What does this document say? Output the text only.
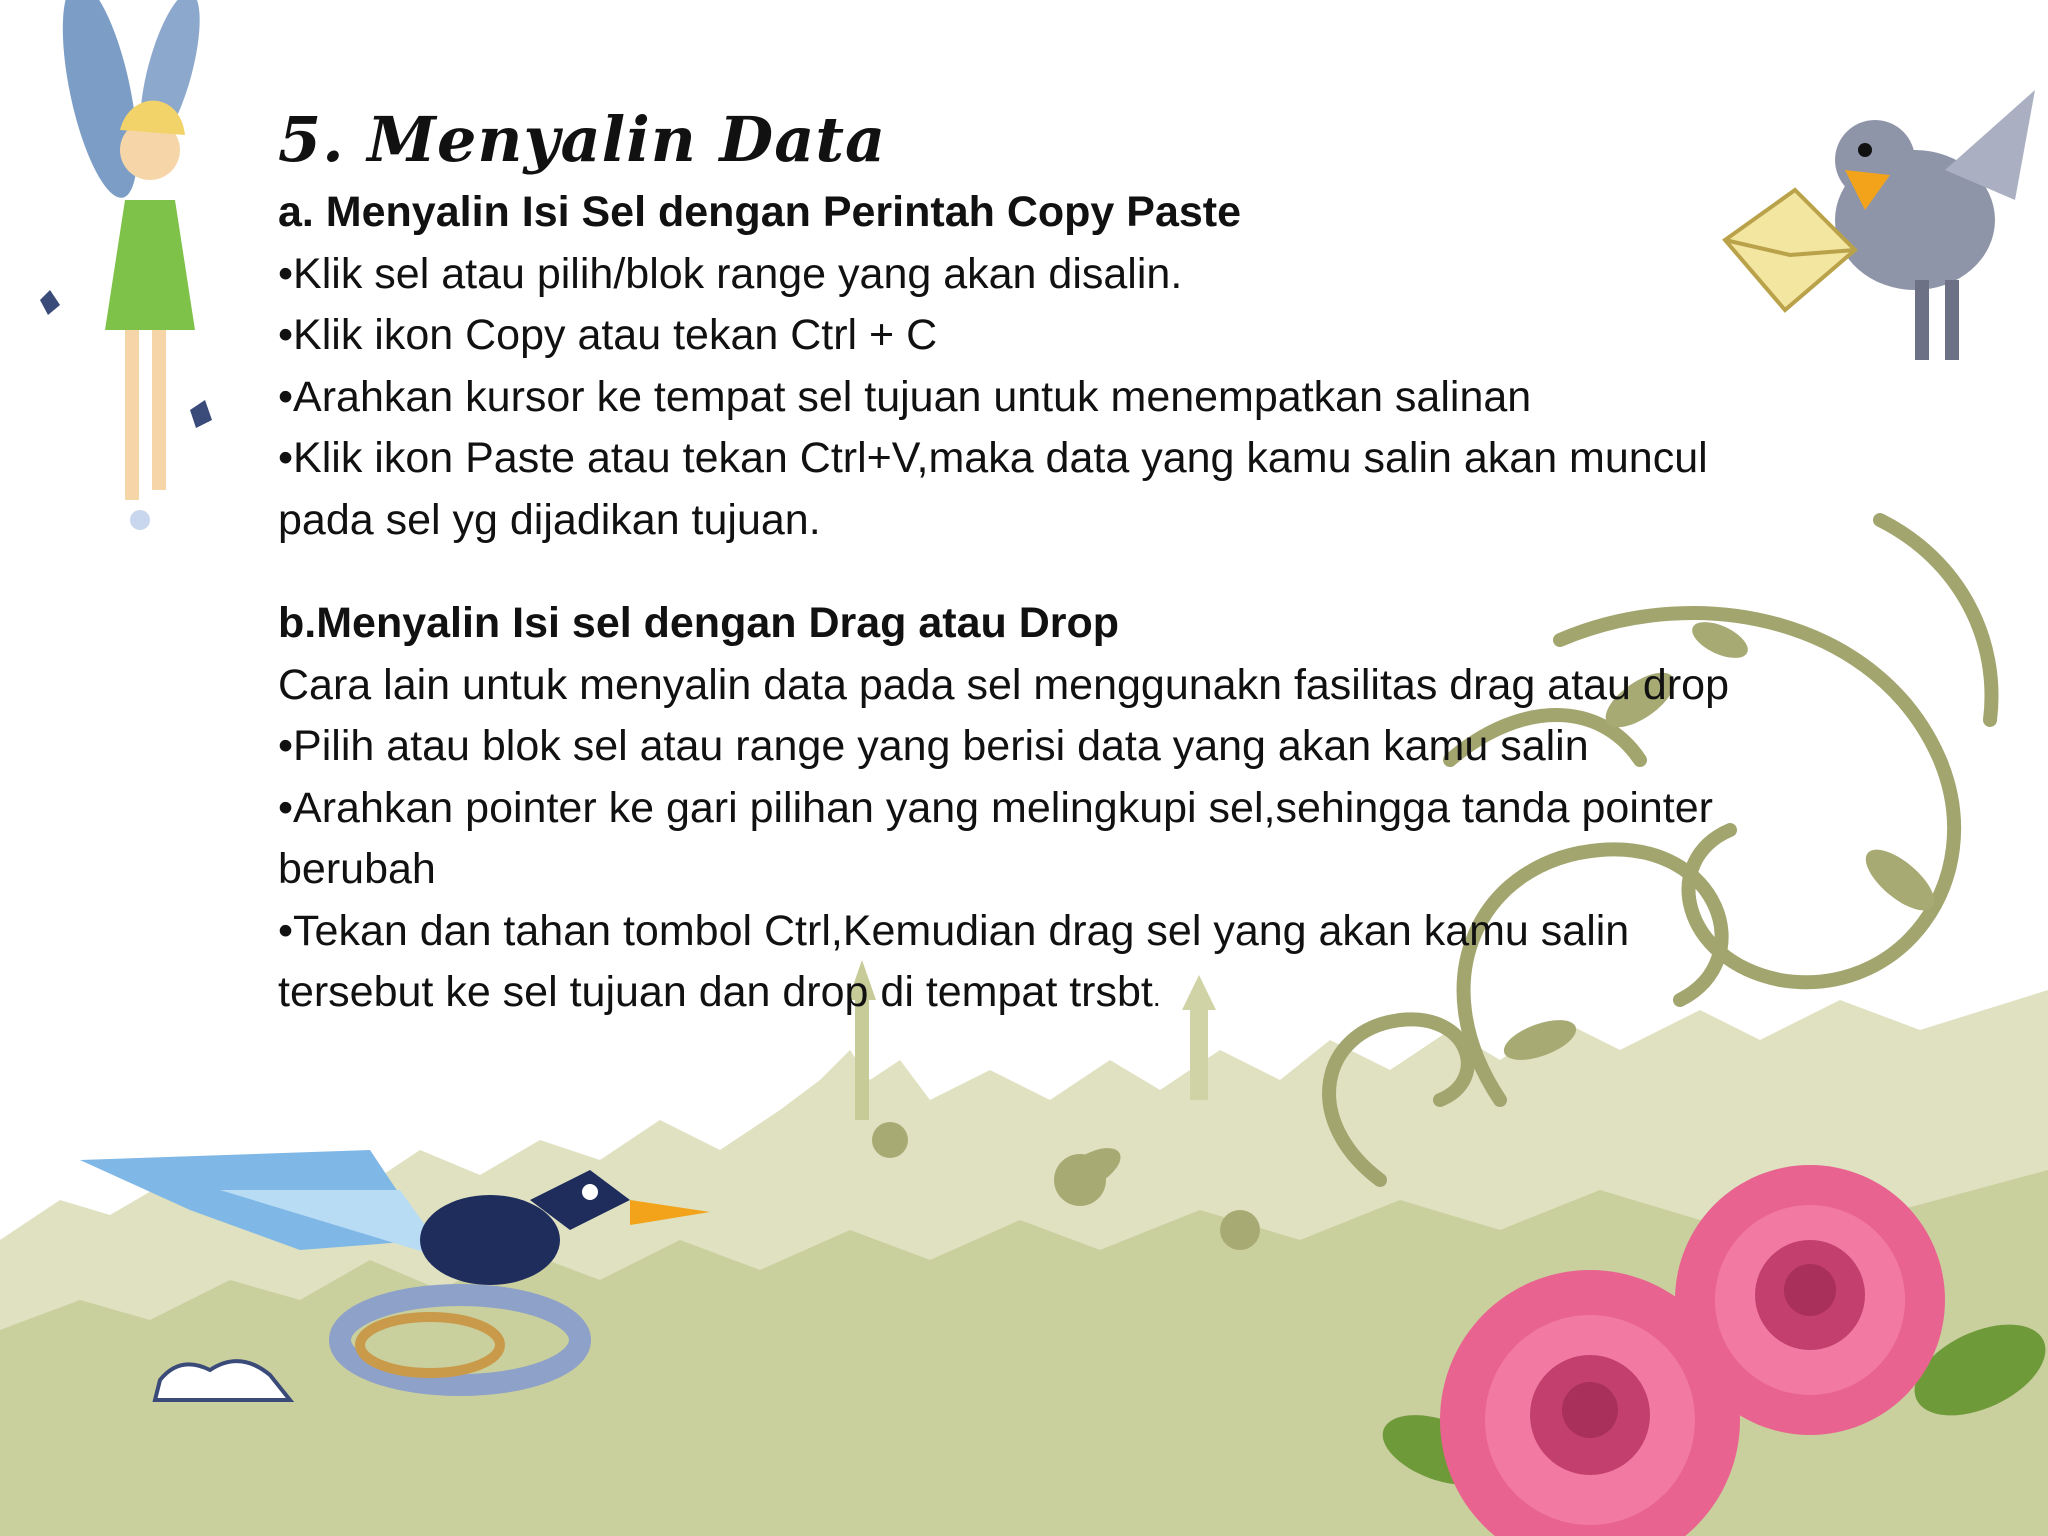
5. Menyalin Data

a. Menyalin Isi Sel dengan Perintah Copy Paste

•Klik sel atau pilih/blok range yang akan disalin.

•Klik ikon Copy atau tekan Ctrl + C

•Arahkan kursor ke tempat sel tujuan untuk menempatkan salinan

•Klik ikon Paste atau tekan Ctrl+V,maka data yang kamu salin akan muncul

pada sel yg dijadikan tujuan.

b.Menyalin Isi sel dengan Drag atau Drop

Cara lain untuk menyalin data pada sel menggunakn fasilitas drag atau drop

•Pilih atau blok sel atau range yang berisi data yang akan kamu salin

•Arahkan pointer ke gari pilihan yang melingkupi sel,sehingga tanda pointer

berubah

•Tekan dan tahan tombol Ctrl,Kemudian drag sel yang akan kamu salin

tersebut ke sel tujuan dan drop di tempat trsbt.
